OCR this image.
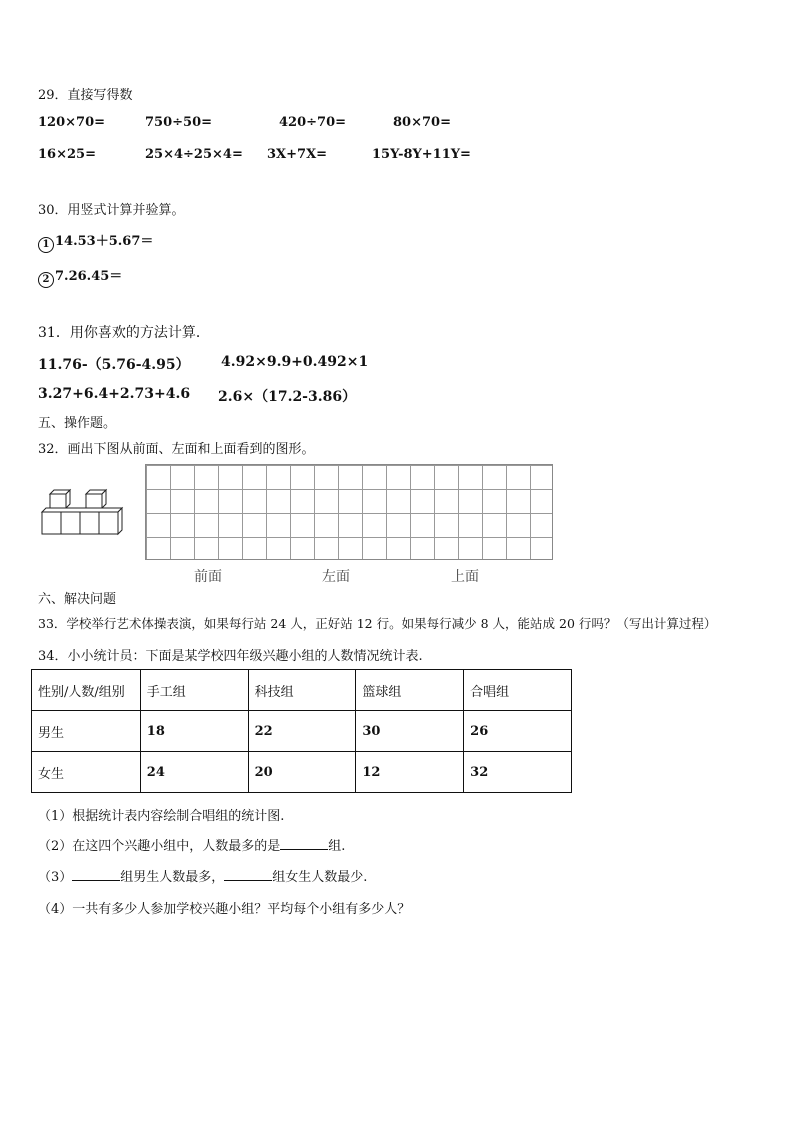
29．直接写得数
120×70=	750÷50=	420÷70=	80×70=
16×25=	25×4÷25×4= 3X+7X=	15Y-8Y+11Y=
30．用竖式计算并验算。
1 14.53＋5.67＝
2 7.26.45＝
31．用你喜欢的方法计算．
11.76-（5.76-4.95） 4.92×9.9+0.492×1
3.27+6.4+2.73+4.6 2.6×（17.2-3.86）
五、操作题。
32．画出下图从前面、左面和上面看到的图形。
前面	左面	上面
六、解决问题
33．学校举行艺术体操表演，如果每行站 24 人，正好站 12 行。如果每行减少 8 人，能站成 20 行吗？（写出计算过程）
34．小小统计员：下面是某学校四年级兴趣小组的人数情况统计表.
性别/人数/组别	手工组	科技组	篮球组	合唱组
男生	18	22	30	26
女生	24	20	12	32
（1）根据统计表内容绘制合唱组的统计图.
（2）在这四个兴趣小组中，人数最多的是	组.
（3）	组男生人数最多，	组女生人数最少.
（4）一共有多少人参加学校兴趣小组？平均每个小组有多少人？
